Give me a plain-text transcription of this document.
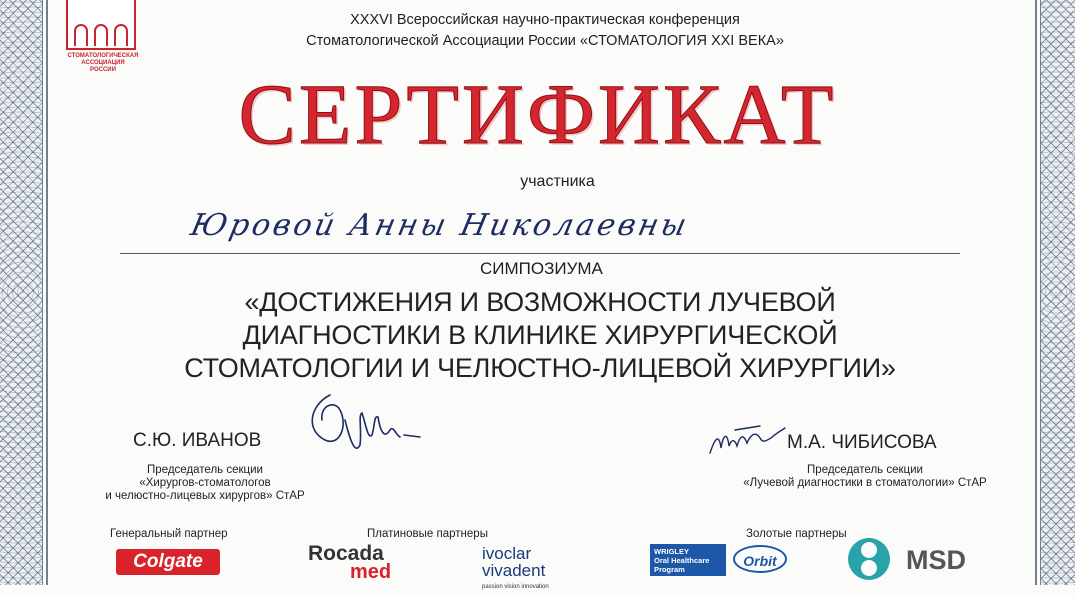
СТОМАТОЛОГИЧЕСКАЯ
АССОЦИАЦИЯ
РОССИИ
XXXVI Всероссийская научно-практическая конференция
Стоматологической Ассоциации России «СТОМАТОЛОГИЯ XXI ВЕКА»
СЕРТИФИКАТ
участника
Юровой Анны Николаевны
СИМПОЗИУМА
«ДОСТИЖЕНИЯ И ВОЗМОЖНОСТИ ЛУЧЕВОЙ
ДИАГНОСТИКИ В КЛИНИКЕ ХИРУРГИЧЕСКОЙ
СТОМАТОЛОГИИ И ЧЕЛЮСТНО-ЛИЦЕВОЙ ХИРУРГИИ»
С.Ю. ИВАНОВ
Председатель секции
«Хирургов-стоматологов
и челюстно-лицевых хирургов» СтАР
М.А. ЧИБИСОВА
Председатель секции
«Лучевой диагностики в стоматологии» СтАР
Генеральный партнер	Платиновые партнеры	Золотые партнеры
Colgate	Rocada
med
ivoclar
vivadent
passion vision innovation
WRIGLEY
Oral Healthcare
Program
Orbit	MSD
